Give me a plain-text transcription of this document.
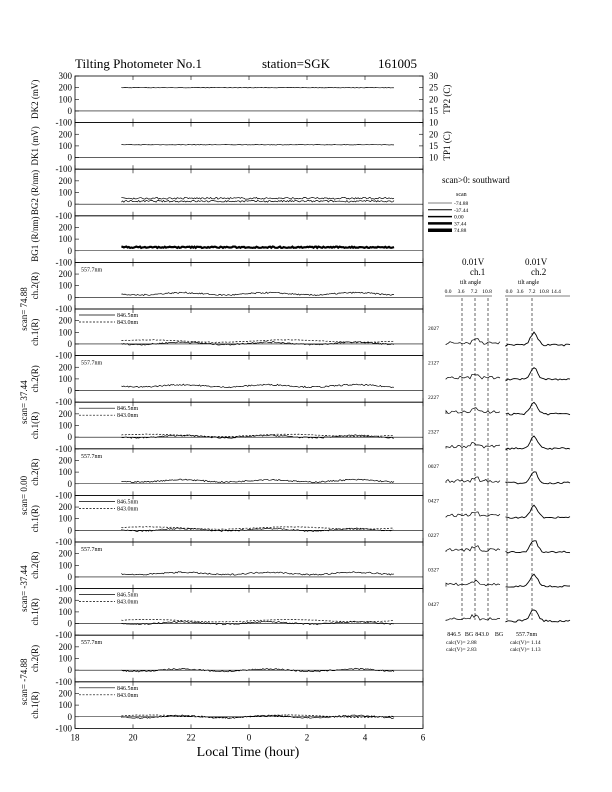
Tilting Photometer No.1	station=SGK	161005
300
200
100
0
-100
DK2 (mV)
30
25
20
15
10
TP2 (C)
200
100
0
-100
DK1 (mV)	20
15
10 TP1 (C)
200
100
0
-100
BG2 (R/nm)
200
100
0
-100
BG1 (R/nm)
200
100
0
-100
ch.2(R)
scan= 74.88
557.7nm
200
100
0
-100
ch.1(R)
846.5nm
843.0nm
200
100
0
-100
ch.2(R)
scan= 37.44
557.7nm
200
100
0
-100
ch.1(R)
846.5nm
843.0nm
200
100
0
-100
ch.2(R)
scan= 0.00
557.7nm
200
100
0
-100
ch.1(R)
846.5nm
843.0nm
200
100
0
-100
ch.2(R)
scan= -37.44
557.7nm
200
100
0
-100
ch.1(R)
846.5nm
843.0nm
200
100
0
-100
ch.2(R)
scan= -74.88
557.7nm
200
100
0
-100
ch.1(R)
846.5nm
843.0nm
18	20	22	0	2	4	6
Local Time (hour)
scan>0: southward
scan
-74.88
-37.44
0.00
37.44
74.88
0.01V
ch.1
0.01V
ch.2
tilt angle	tilt angle
calc(V)= 2.88
calc(V)= 2.83
calc(V)= 1.14
calc(V)= 1.13
557.7nm
0.0 3.6 7.2 10.8	0.0 3.6 7.2 10.8 14.4
2027
2127
2227
2327
0027
0427
0227
0327
0427
846.5 BG 843.0 BG
